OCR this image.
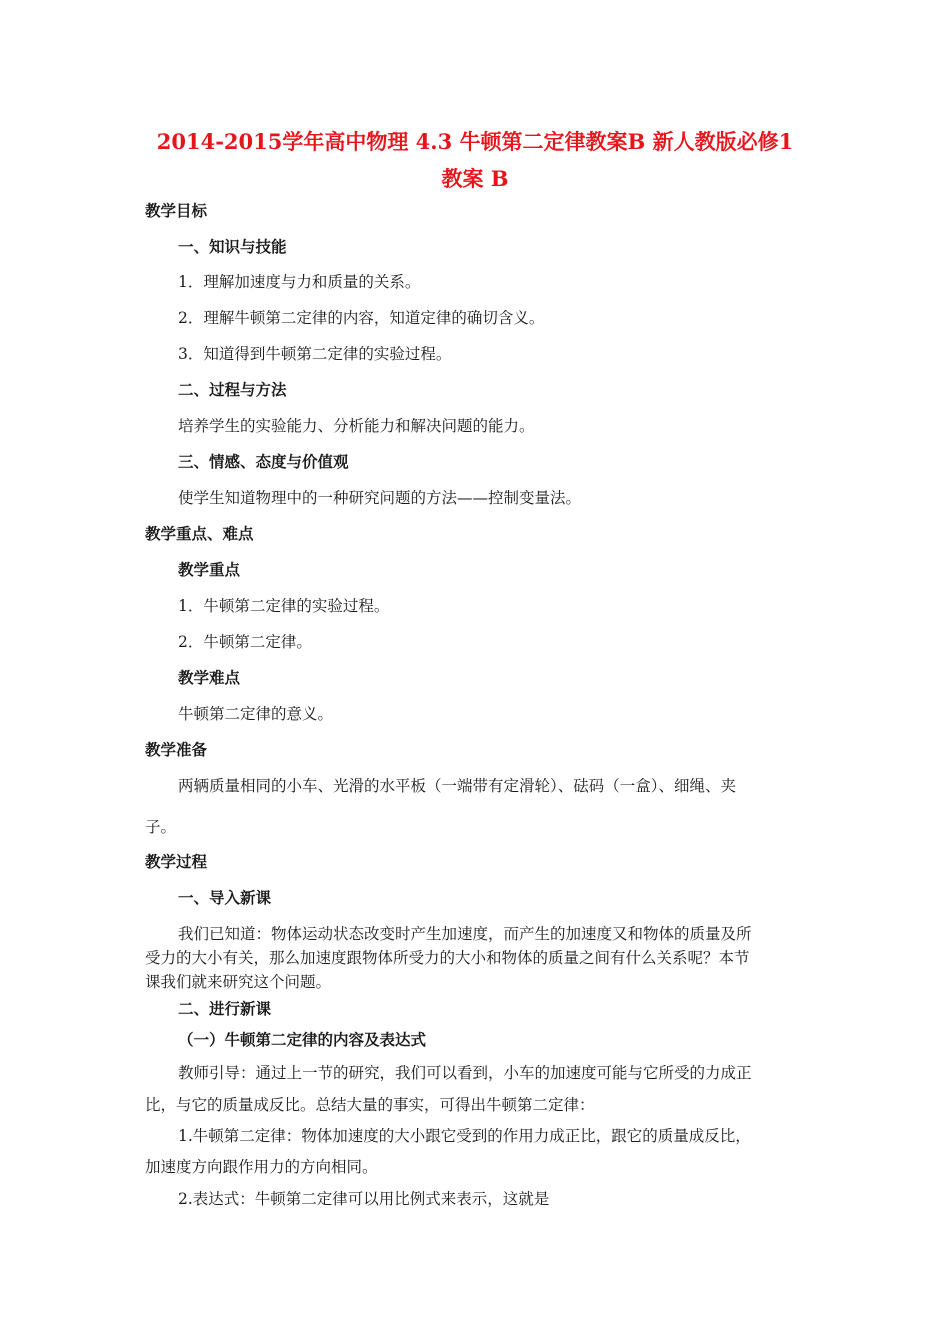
2014-2015学年高中物理 4.3 牛顿第二定律教案B 新人教版必修1
教案 B
教学目标
一、知识与技能
1．理解加速度与力和质量的关系。
2．理解牛顿第二定律的内容，知道定律的确切含义。
3．知道得到牛顿第二定律的实验过程。
二、过程与方法
培养学生的实验能力、分析能力和解决问题的能力。
三、情感、态度与价值观
使学生知道物理中的一种研究问题的方法——控制变量法。
教学重点、难点
教学重点
1．牛顿第二定律的实验过程。
2．牛顿第二定律。
教学难点
牛顿第二定律的意义。
教学准备
两辆质量相同的小车、光滑的水平板（一端带有定滑轮）、砝码（一盒）、细绳、夹
子。
教学过程
一、导入新课
我们已知道：物体运动状态改变时产生加速度，而产生的加速度又和物体的质量及所
受力的大小有关，那么加速度跟物体所受力的大小和物体的质量之间有什么关系呢？本节
课我们就来研究这个问题。
二、进行新课
（一）牛顿第二定律的内容及表达式
教师引导：通过上一节的研究，我们可以看到，小车的加速度可能与它所受的力成正
比，与它的质量成反比。总结大量的事实，可得出牛顿第二定律：
1.牛顿第二定律：物体加速度的大小跟它受到的作用力成正比，跟它的质量成反比，
加速度方向跟作用力的方向相同。
2.表达式：牛顿第二定律可以用比例式来表示，这就是
